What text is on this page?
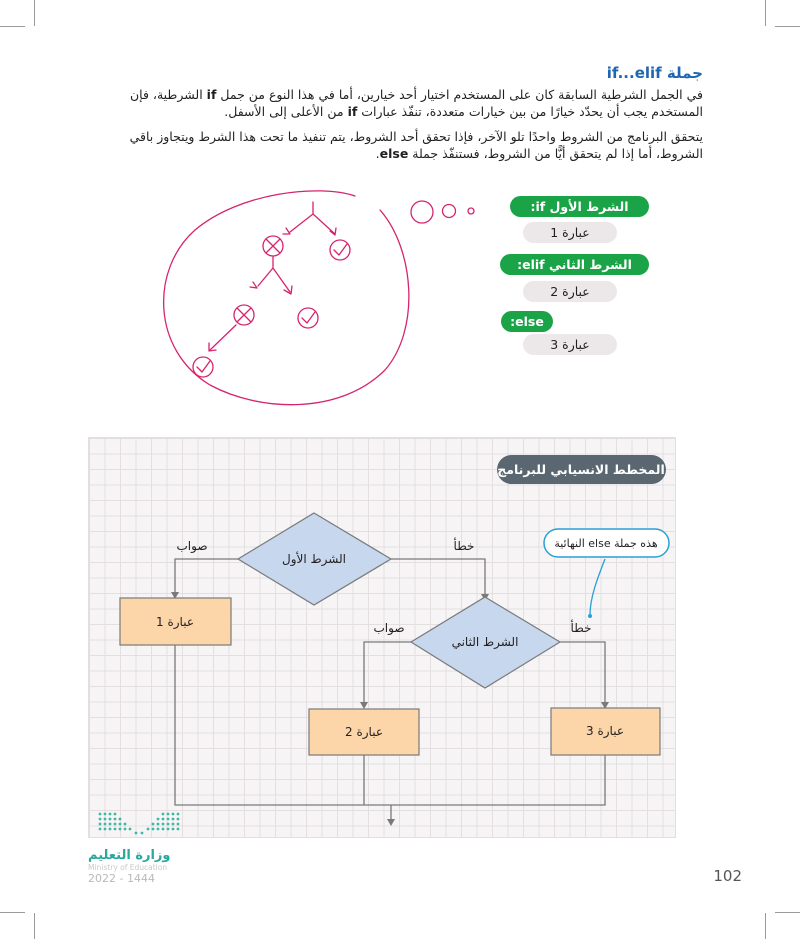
جملة if...elif
في الجمل الشرطية السابقة كان على المستخدم اختيار أحد خيارين، أما في هذا النوع من جمل if الشرطية، فإن المستخدم يجب أن يحدّد خيارًا من بين خيارات متعددة، تنفّذ عبارات if من الأعلى إلى الأسفل.
يتحقق البرنامج من الشروط واحدًا تلو الآخر، فإذا تحقق أحد الشروط، يتم تنفيذ ما تحت هذا الشرط ويتجاوز باقي الشروط، أما إذا لم يتحقق أيًّا من الشروط، فستنفّذ جملة else.
الشرط الأول if:
عبارة 1
الشرط الثاني elif:
عبارة 2
else:
عبارة 3
المخطط الانسيابي للبرنامج
هذه جملة else النهائية
الشرط الأول
الشرط الثاني
صواب	خطأ
صواب	خطأ
عبارة 1
عبارة 2	عبارة 3
وزارة التعليم
Ministry of Education
2022 - 1444	102
